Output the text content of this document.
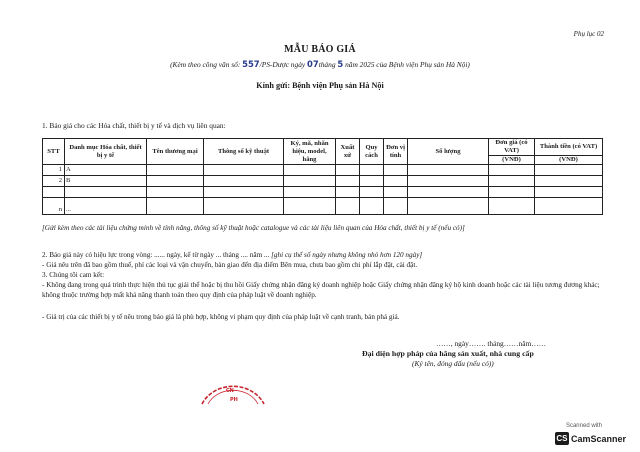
Phụ lục 02
MẪU BÁO GIÁ
(Kèm theo công văn số: 557/PS-Dược ngày 07tháng 5 năm 2025 của Bệnh viện Phụ sản Hà Nội)
Kính gửi: Bệnh viện Phụ sản Hà Nội
1. Báo giá cho các Hóa chất, thiết bị y tế và dịch vụ liên quan:
STT	Danh mục Hóa chất, thiết bị y tế	Tên thương mại	Thông số kỹ thuật	Ký, mã, nhãn hiệu, model, hãng	Xuất xứ	Quy cách	Đơn vị tính	Số lượng	Đơn giá (có VAT)	Thành tiền (có VAT)
									(VNĐ)	(VNĐ)
1	A									
2	B									

n	...									
[Gửi kèm theo các tài liệu chứng minh về tính năng, thông số kỹ thuật hoặc catalogue và các tài liệu liên quan của Hóa chất, thiết bị y tế (nếu có)]
2. Báo giá này có hiệu lực trong vòng: ...... ngày, kể từ ngày ... tháng .... năm ... [ghi cụ thể số ngày nhưng không nhỏ hơn 120 ngày]
- Giá nêu trên đã bao gồm thuế, phí các loại và vận chuyển, bàn giao đến địa điểm Bên mua, chưa bao gồm chi phí lắp đặt, cài đặt.
3. Chúng tôi cam kết:
- Không đang trong quá trình thực hiện thủ tục giải thể hoặc bị thu hồi Giấy chứng nhận đăng ký doanh nghiệp hoặc Giấy chứng nhận đăng ký hộ kinh doanh hoặc các tài liệu tương đương khác; không thuộc trường hợp mất khả năng thanh toán theo quy định của pháp luật về doanh nghiệp.
- Giá trị của các thiết bị y tế nêu trong báo giá là phù hợp, không vi phạm quy định của pháp luật về cạnh tranh, bán phá giá.
……, ngày……. tháng……năm……
Đại diện hợp pháp của hãng sản xuất, nhà cung cấp
(Ký tên, đóng dấu (nếu có))
CN
PH
Scanned with
CS CamScanner
